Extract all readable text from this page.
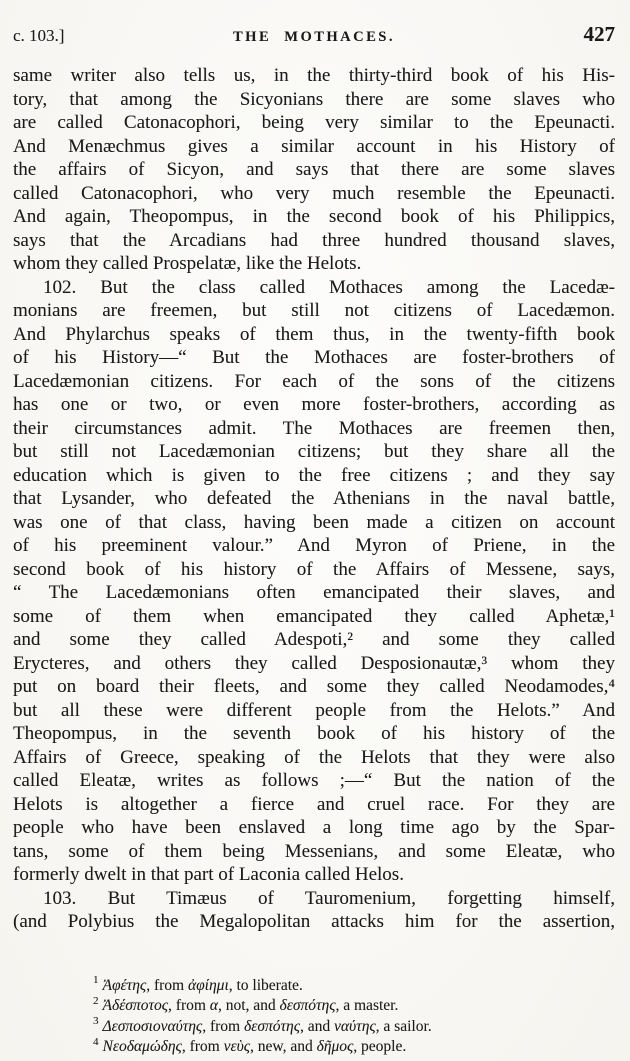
c. 103.]	THE MOTHACES.	427
same writer also tells us, in the thirty-third book of his His-
tory, that among the Sicyonians there are some slaves who
are called Catonacophori, being very similar to the Epeunacti.
And Menæchmus gives a similar account in his History of
the affairs of Sicyon, and says that there are some slaves
called Catonacophori, who very much resemble the Epeunacti.
And again, Theopompus, in the second book of his Philippics,
says that the Arcadians had three hundred thousand slaves,
whom they called Prospelatæ, like the Helots.
102. But the class called Mothaces among the Lacedæ-
monians are freemen, but still not citizens of Lacedæmon.
And Phylarchus speaks of them thus, in the twenty-fifth book
of his History—“ But the Mothaces are foster-brothers of
Lacedæmonian citizens. For each of the sons of the citizens
has one or two, or even more foster-brothers, according as
their circumstances admit. The Mothaces are freemen then,
but still not Lacedæmonian citizens; but they share all the
education which is given to the free citizens ; and they say
that Lysander, who defeated the Athenians in the naval battle,
was one of that class, having been made a citizen on account
of his preeminent valour.” And Myron of Priene, in the
second book of his history of the Affairs of Messene, says,
“ The Lacedæmonians often emancipated their slaves, and
some of them when emancipated they called Aphetæ,¹
and some they called Adespoti,² and some they called
Erycteres, and others they called Desposionautæ,³ whom they
put on board their fleets, and some they called Neodamodes,⁴
but all these were different people from the Helots.” And
Theopompus, in the seventh book of his history of the
Affairs of Greece, speaking of the Helots that they were also
called Eleatæ, writes as follows ;—“ But the nation of the
Helots is altogether a fierce and cruel race. For they are
people who have been enslaved a long time ago by the Spar-
tans, some of them being Messenians, and some Eleatæ, who
formerly dwelt in that part of Laconia called Helos.
103. But Timæus of Tauromenium, forgetting himself,
(and Polybius the Megalopolitan attacks him for the assertion,
$^1$ Ἀφέτης, from ἀφίημι, to liberate.
$^2$ Ἀδέσποτος, from α, not, and δεσπότης, a master.
$^3$ Δεσποσιοναύτης, from δεσπότης, and ναύτης, a sailor.
$^4$ Νεοδαμώδης, from νεὺς, new, and δῆμος, people.
